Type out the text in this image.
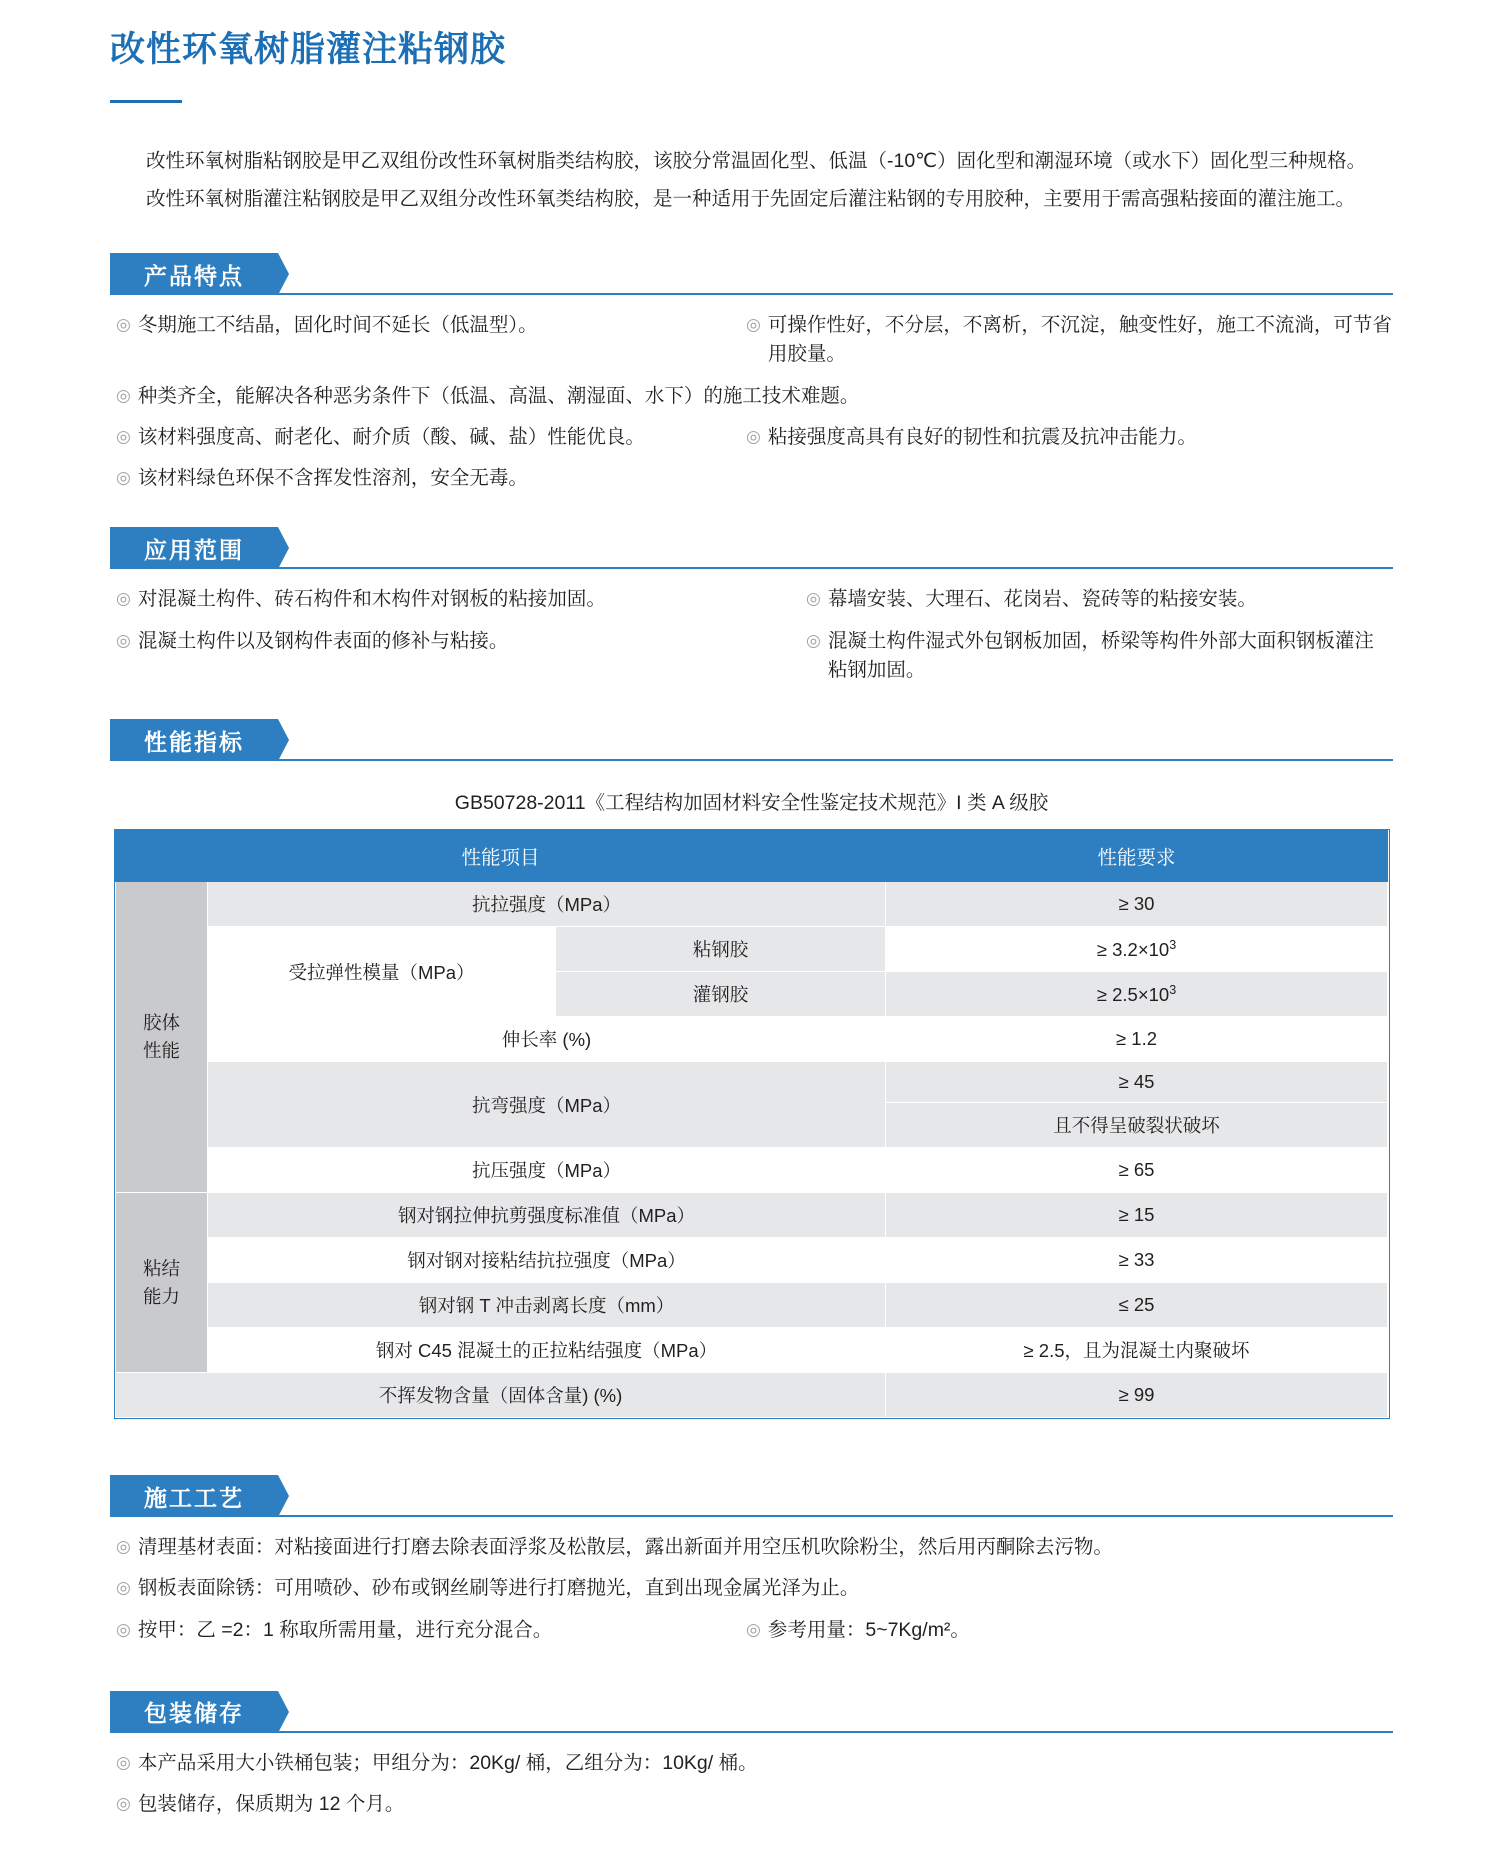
改性环氧树脂灌注粘钢胶

改性环氧树脂粘钢胶是甲乙双组份改性环氧树脂类结构胶，该胶分常温固化型、低温（-10℃）固化型和潮湿环境（或水下）固化型三种规格。

改性环氧树脂灌注粘钢胶是甲乙双组分改性环氧类结构胶，是一种适用于先固定后灌注粘钢的专用胶种，主要用于需高强粘接面的灌注施工。

产品特点
◎ 冬期施工不结晶，固化时间不延长（低温型）。	◎ 可操作性好，不分层，不离析，不沉淀，触变性好，施工不流淌，可节省用胶量。
◎ 种类齐全，能解决各种恶劣条件下（低温、高温、潮湿面、水下）的施工技术难题。
◎ 该材料强度高、耐老化、耐介质（酸、碱、盐）性能优良。	◎ 粘接强度高具有良好的韧性和抗震及抗冲击能力。
◎ 该材料绿色环保不含挥发性溶剂，安全无毒。
应用范围
◎ 对混凝土构件、砖石构件和木构件对钢板的粘接加固。	◎ 幕墙安装、大理石、花岗岩、瓷砖等的粘接安装。
◎ 混凝土构件以及钢构件表面的修补与粘接。	◎ 混凝土构件湿式外包钢板加固，桥梁等构件外部大面积钢板灌注粘钢加固。
性能指标
GB50728-2011《工程结构加固材料安全性鉴定技术规范》I 类 A 级胶
性能项目			性能要求
胶体
性能	抗拉强度（MPa）		≥ 30
	受拉弹性模量（MPa）	粘钢胶	≥ $3.2\times 10^3$
		灌钢胶	≥ $2.5\times 10^3$
	伸长率 (%)		≥ 1.2
	抗弯强度（MPa）		≥ 45
			且不得呈破裂状破坏
	抗压强度（MPa）		≥ 65
粘结
能力	钢对钢拉伸抗剪强度标准值（MPa）		≥ 15
	钢对钢对接粘结抗拉强度（MPa）		≥ 33
	钢对钢 T 冲击剥离长度（mm）		≤ 25
	钢对 C45 混凝土的正拉粘结强度（MPa）		≥ 2.5，且为混凝土内聚破坏
不挥发物含量（固体含量) (%)			≥ 99
施工工艺
◎ 清理基材表面：对粘接面进行打磨去除表面浮浆及松散层，露出新面并用空压机吹除粉尘，然后用丙酮除去污物。
◎ 钢板表面除锈：可用喷砂、砂布或钢丝刷等进行打磨抛光，直到出现金属光泽为止。
◎ 按甲：乙 =2：1 称取所需用量，进行充分混合。	◎ 参考用量：5~7Kg/m²。
包装储存
◎ 本产品采用大小铁桶包装；甲组分为：20Kg/ 桶，乙组分为：10Kg/ 桶。
◎ 包装储存，保质期为 12 个月。
